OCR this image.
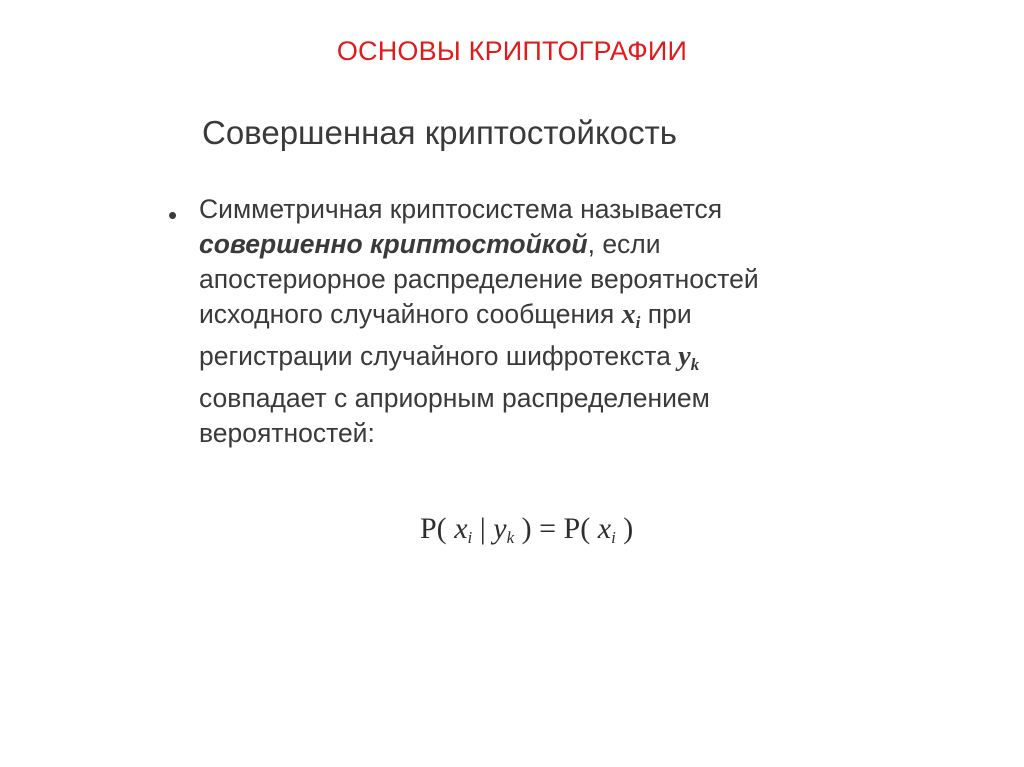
ОСНОВЫ КРИПТОГРАФИИ
Совершенная криптостойкость
• Симметричная криптосистема называется
совершенно криптостойкой, если
апостериорное распределение вероятностей
исходного случайного сообщения $x_i$ при
регистрации случайного шифротекста $y_k$
совпадает с априорным распределением
вероятностей:
P( $x_i$ | $y_k$ ) = P( $x_i$ )
